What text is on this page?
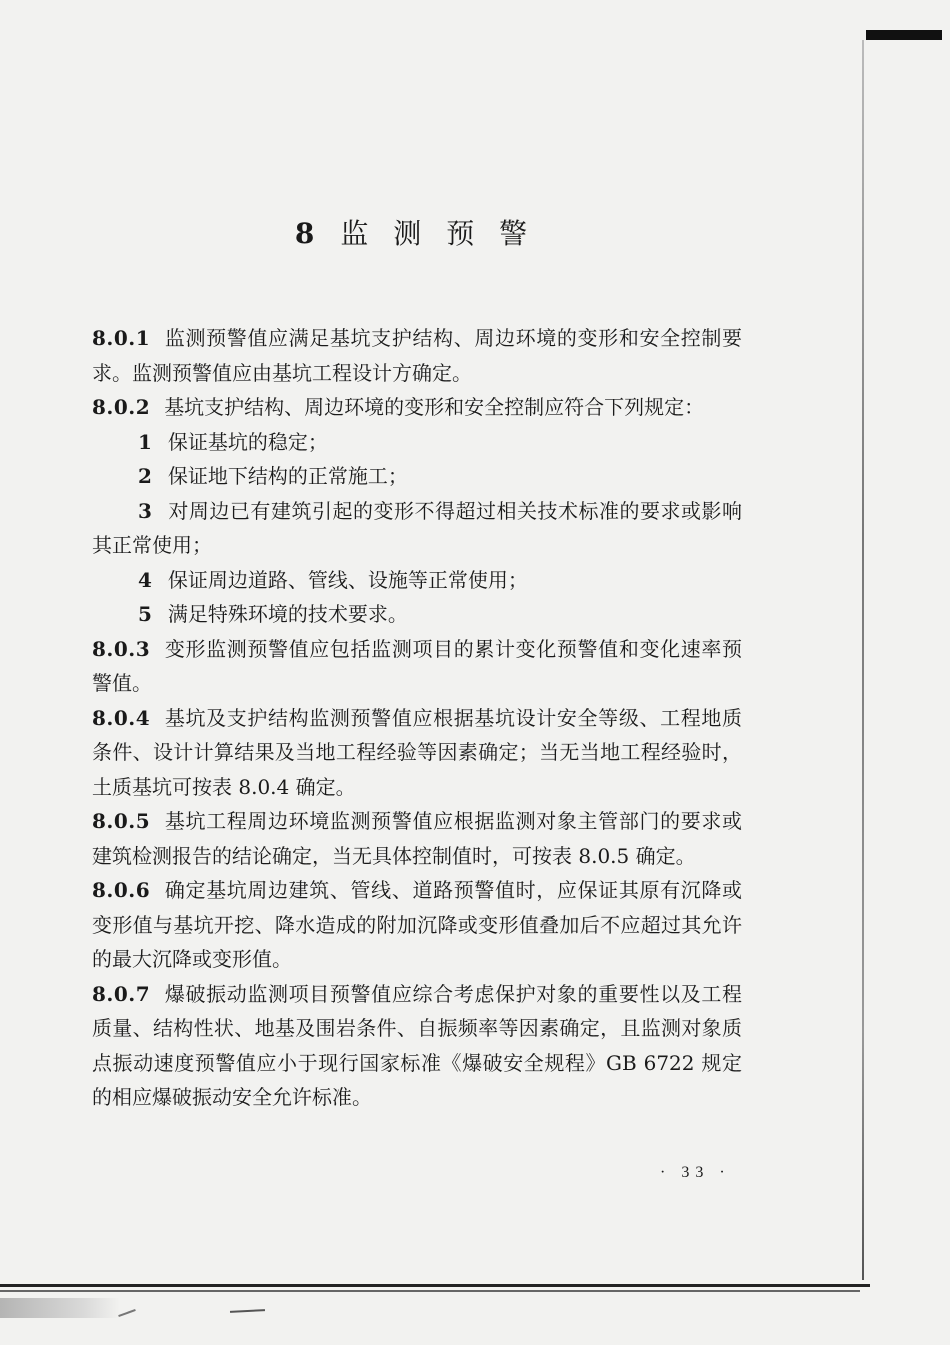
8 监 测 预 警

8.0.1 监测预警值应满足基坑支护结构、周边环境的变形和安全控制要求。监测预警值应由基坑工程设计方确定。

8.0.2 基坑支护结构、周边环境的变形和安全控制应符合下列规定：

1 保证基坑的稳定；

2 保证地下结构的正常施工；

3 对周边已有建筑引起的变形不得超过相关技术标准的要求或影响其正常使用；

4 保证周边道路、管线、设施等正常使用；

5 满足特殊环境的技术要求。

8.0.3 变形监测预警值应包括监测项目的累计变化预警值和变化速率预警值。

8.0.4 基坑及支护结构监测预警值应根据基坑设计安全等级、工程地质条件、设计计算结果及当地工程经验等因素确定；当无当地工程经验时，土质基坑可按表 8.0.4 确定。

8.0.5 基坑工程周边环境监测预警值应根据监测对象主管部门的要求或建筑检测报告的结论确定，当无具体控制值时，可按表 8.0.5 确定。

8.0.6 确定基坑周边建筑、管线、道路预警值时，应保证其原有沉降或变形值与基坑开挖、降水造成的附加沉降或变形值叠加后不应超过其允许的最大沉降或变形值。

8.0.7 爆破振动监测项目预警值应综合考虑保护对象的重要性以及工程质量、结构性状、地基及围岩条件、自振频率等因素确定，且监测对象质点振动速度预警值应小于现行国家标准《爆破安全规程》GB 6722 规定的相应爆破振动安全允许标准。

· 33 ·
